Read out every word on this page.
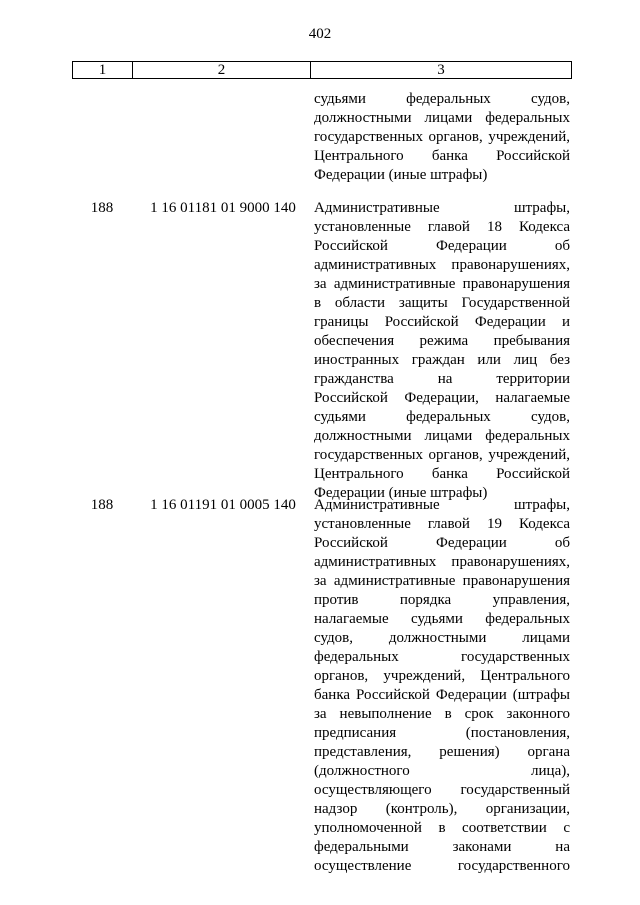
402
1	2	3
судьями федеральных судов,
должностными лицами федеральных
государственных органов, учреждений,
Центрального банка Российской
Федерации (иные штрафы)
188	1 16 01181 01 9000 140	Административные штрафы,
установленные главой 18 Кодекса
Российской Федерации об
административных правонарушениях,
за административные правонарушения
в области защиты Государственной
границы Российской Федерации и
обеспечения режима пребывания
иностранных граждан или лиц без
гражданства на территории
Российской Федерации, налагаемые
судьями федеральных судов,
должностными лицами федеральных
государственных органов, учреждений,
Центрального банка Российской
Федерации (иные штрафы)
188	1 16 01191 01 0005 140	Административные штрафы,
установленные главой 19 Кодекса
Российской Федерации об
административных правонарушениях,
за административные правонарушения
против порядка управления,
налагаемые судьями федеральных
судов, должностными лицами
федеральных государственных
органов, учреждений, Центрального
банка Российской Федерации (штрафы
за невыполнение в срок законного
предписания (постановления,
представления, решения) органа
(должностного лица),
осуществляющего государственный
надзор (контроль), организации,
уполномоченной в соответствии с
федеральными законами на
осуществление государственного
